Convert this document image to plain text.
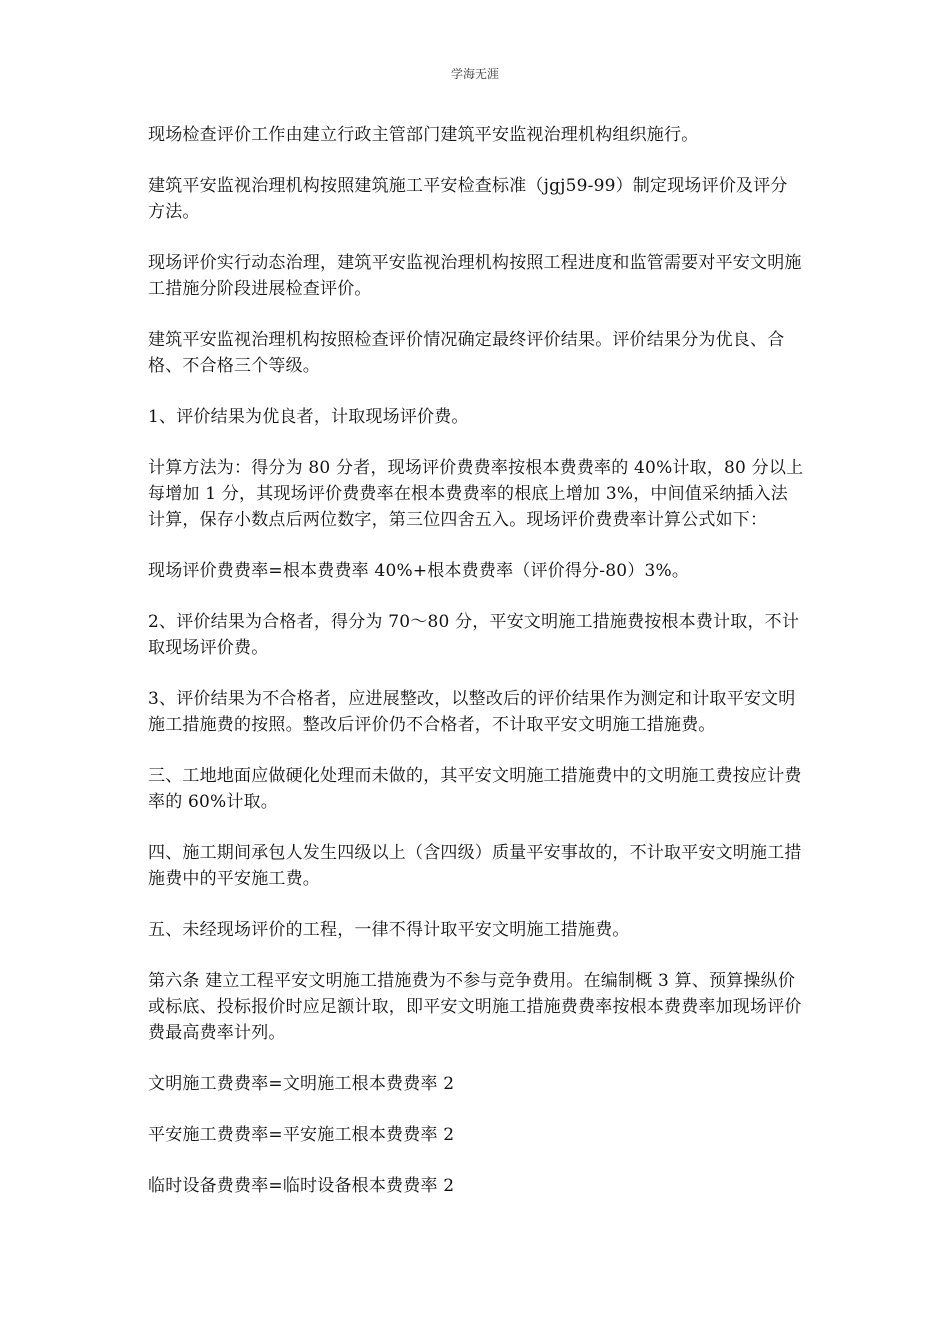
学海无涯

现场检查评价工作由建立行政主管部门建筑平安监视治理机构组织施行。

建筑平安监视治理机构按照建筑施工平安检查标准（jgj59-99）制定现场评价及评分方法。

现场评价实行动态治理，建筑平安监视治理机构按照工程进度和监管需要对平安文明施工措施分阶段进展检查评价。

建筑平安监视治理机构按照检查评价情况确定最终评价结果。评价结果分为优良、合格、不合格三个等级。

1、评价结果为优良者，计取现场评价费。

计算方法为：得分为 80 分者，现场评价费费率按根本费费率的 40%计取，80 分以上每增加 1 分，其现场评价费费率在根本费费率的根底上增加 3%，中间值采纳插入法计算，保存小数点后两位数字，第三位四舍五入。现场评价费费率计算公式如下：

现场评价费费率=根本费费率 40%+根本费费率（评价得分-80）3%。

2、评价结果为合格者，得分为 70～80 分，平安文明施工措施费按根本费计取，不计取现场评价费。

3、评价结果为不合格者，应进展整改，以整改后的评价结果作为测定和计取平安文明施工措施费的按照。整改后评价仍不合格者，不计取平安文明施工措施费。

三、工地地面应做硬化处理而未做的，其平安文明施工措施费中的文明施工费按应计费率的 60%计取。

四、施工期间承包人发生四级以上（含四级）质量平安事故的，不计取平安文明施工措施费中的平安施工费。

五、未经现场评价的工程，一律不得计取平安文明施工措施费。

第六条 建立工程平安文明施工措施费为不参与竞争费用。在编制概 3 算、预算操纵价或标底、投标报价时应足额计取，即平安文明施工措施费费率按根本费费率加现场评价费最高费率计列。

文明施工费费率=文明施工根本费费率 2

平安施工费费率=平安施工根本费费率 2

临时设备费费率=临时设备根本费费率 2
